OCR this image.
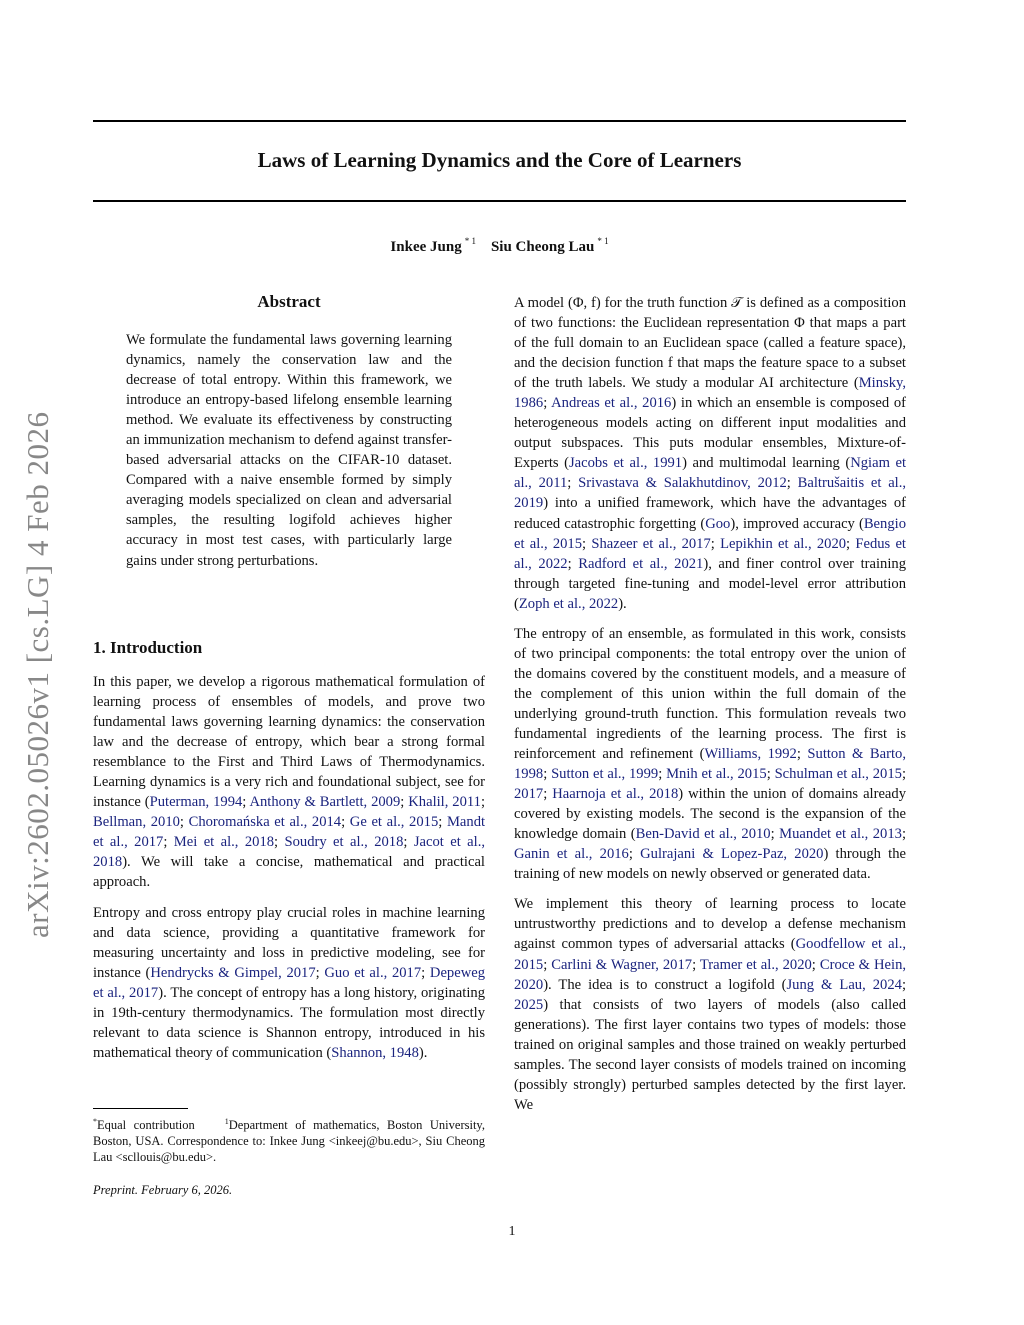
arXiv:2602.05026v1 [cs.LG] 4 Feb 2026
Laws of Learning Dynamics and the Core of Learners
Inkee Jung $^{* 1}$ Siu Cheong Lau $^{* 1}$
Abstract
We formulate the fundamental laws governing learning dynamics, namely the conservation law and the decrease of total entropy. Within this framework, we introduce an entropy-based lifelong ensemble learning method. We evaluate its effectiveness by constructing an immunization mechanism to defend against transfer-based adversarial attacks on the CIFAR-10 dataset. Compared with a naive ensemble formed by simply averaging models specialized on clean and adversarial samples, the resulting logifold achieves higher accuracy in most test cases, with particularly large gains under strong perturbations.
1. Introduction

In this paper, we develop a rigorous mathematical formulation of learning process of ensembles of models, and prove two fundamental laws governing learning dynamics: the conservation law and the decrease of entropy, which bear a strong formal resemblance to the First and Third Laws of Thermodynamics. Learning dynamics is a very rich and foundational subject, see for instance (Puterman, 1994; Anthony & Bartlett, 2009; Khalil, 2011; Bellman, 2010; Choromańska et al., 2014; Ge et al., 2015; Mandt et al., 2017; Mei et al., 2018; Soudry et al., 2018; Jacot et al., 2018). We will take a concise, mathematical and practical approach.

Entropy and cross entropy play crucial roles in machine learning and data science, providing a quantitative framework for measuring uncertainty and loss in predictive modeling, see for instance (Hendrycks & Gimpel, 2017; Guo et al., 2017; Depeweg et al., 2017). The concept of entropy has a long history, originating in 19th-century thermodynamics. The formulation most directly relevant to data science is Shannon entropy, introduced in his mathematical theory of communication (Shannon, 1948).

*Equal contribution	$^1$Department of mathematics, Boston University, Boston, USA. Correspondence to: Inkee Jung <inkeej@bu.edu>, Siu Cheong Lau <scllouis@bu.edu>.
Preprint. February 6, 2026.

A model (Φ, f) for the truth function 𝒯 is defined as a composition of two functions: the Euclidean representation Φ that maps a part of the full domain to an Euclidean space (called a feature space), and the decision function f that maps the feature space to a subset of the truth labels. We study a modular AI architecture (Minsky, 1986; Andreas et al., 2016) in which an ensemble is composed of heterogeneous models acting on different input modalities and output subspaces. This puts modular ensembles, Mixture-of-Experts (Jacobs et al., 1991) and multimodal learning (Ngiam et al., 2011; Srivastava & Salakhutdinov, 2012; Baltrušaitis et al., 2019) into a unified framework, which have the advantages of reduced catastrophic forgetting (Goo), improved accuracy (Bengio et al., 2015; Shazeer et al., 2017; Lepikhin et al., 2020; Fedus et al., 2022; Radford et al., 2021), and finer control over training through targeted fine-tuning and model-level error attribution (Zoph et al., 2022).

The entropy of an ensemble, as formulated in this work, consists of two principal components: the total entropy over the union of the domains covered by the constituent models, and a measure of the complement of this union within the full domain of the underlying ground-truth function. This formulation reveals two fundamental ingredients of the learning process. The first is reinforcement and refinement (Williams, 1992; Sutton & Barto, 1998; Sutton et al., 1999; Mnih et al., 2015; Schulman et al., 2015; 2017; Haarnoja et al., 2018) within the union of domains already covered by existing models. The second is the expansion of the knowledge domain (Ben-David et al., 2010; Muandet et al., 2013; Ganin et al., 2016; Gulrajani & Lopez-Paz, 2020) through the training of new models on newly observed or generated data.

We implement this theory of learning process to locate untrustworthy predictions and to develop a defense mechanism against common types of adversarial attacks (Goodfellow et al., 2015; Carlini & Wagner, 2017; Tramer et al., 2020; Croce & Hein, 2020). The idea is to construct a logifold (Jung & Lau, 2024; 2025) that consists of two layers of models (also called generations). The first layer contains two types of models: those trained on original samples and those trained on weakly perturbed samples. The second layer consists of models trained on incoming (possibly strongly) perturbed samples detected by the first layer. We

1
